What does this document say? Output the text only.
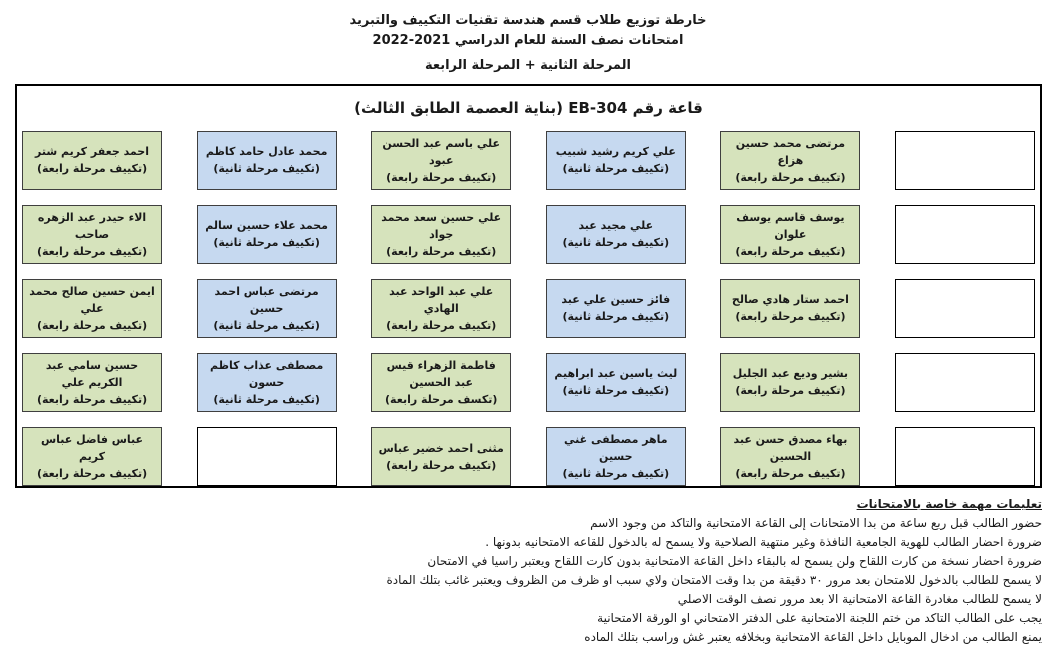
خارطة توزيع طلاب قسم هندسة تقنيات التكييف والتبريد
امتحانات نصف السنة للعام الدراسي 2021-2022
المرحلة الثانية + المرحلة الرابعة
قاعة رقم EB-304 (بناية العصمة الطابق الثالث)
مرتضى محمد حسين هزاع
(تكييف مرحلة رابعة)
علي كريم رشيد شبيب
(تكييف مرحلة ثانية)
علي باسم عبد الحسن عبود
(تكييف مرحلة رابعة)
محمد عادل حامد كاظم
(تكييف مرحلة ثانية)
احمد جعفر كريم شتر
(تكييف مرحلة رابعة)
يوسف قاسم يوسف علوان
(تكييف مرحلة رابعة)
علي مجيد عبد
(تكييف مرحلة ثانية)
علي حسين سعد محمد جواد
(تكييف مرحلة رابعة)
محمد علاء حسين سالم
(تكييف مرحلة ثانية)
الاء حيدر عبد الزهره صاحب
(تكييف مرحلة رابعة)
احمد ستار هادي صالح
(تكييف مرحلة رابعة)
فائز حسين علي عبد
(تكييف مرحلة ثانية)
علي عبد الواحد عبد الهادي
(تكييف مرحلة رابعة)
مرتضى عباس احمد حسين
(تكييف مرحلة ثانية)
ايمن حسين صالح محمد علي
(تكييف مرحلة رابعة)
بشير وديع عبد الجليل
(تكييف مرحلة رابعة)
ليث ياسين عبد ابراهيم
(تكييف مرحلة ثانية)
فاطمة الزهراء قيس عبد الحسين
(تكسف مرحلة رابعة)
مصطفى عذاب كاظم حسون
(تكييف مرحلة ثانية)
حسين سامي عبد الكريم علي
(تكييف مرحلة رابعة)
بهاء مصدق حسن عبد الحسين
(تكييف مرحلة رابعة)
ماهر مصطفى غني حسين
(تكييف مرحلة ثانية)
مثنى احمد خضير عباس
(تكييف مرحلة رابعة)
عباس فاضل عباس كريم
(تكييف مرحلة رابعة)
تعليمات مهمة خاصة بالامتحانات
حضور الطالب قبل ربع ساعة من بدا الامتحانات إلى القاعة الامتحانية والتاكد من وجود الاسم
ضرورة احضار الطالب للهوية الجامعية النافذة وغير منتهية الصلاحية ولا يسمح له بالدخول للقاعه الامتحانيه بدونها .
ضرورة احضار نسخة من كارت اللقاح ولن يسمح له بالبقاء داخل القاعة الامتحانية بدون كارت اللقاح ويعتبر راسيا في الامتحان
لا يسمح للطالب بالدخول للامتحان بعد مرور ٣٠ دقيقة من بدا وقت الامتحان ولاي سبب او ظرف من الظروف ويعتبر غائب بتلك المادة
لا يسمح للطالب مغادرة القاعة الامتحانية الا بعد مرور نصف الوقت الاصلي
يجب على الطالب التاكد من ختم اللجنة الامتحانية على الدفتر الامتحاني او الورقة الامتحانية
يمنع الطالب من ادخال الموبايل داخل القاعة الامتحانية وبخلافه يعتبر غش وراسب بتلك الماده
